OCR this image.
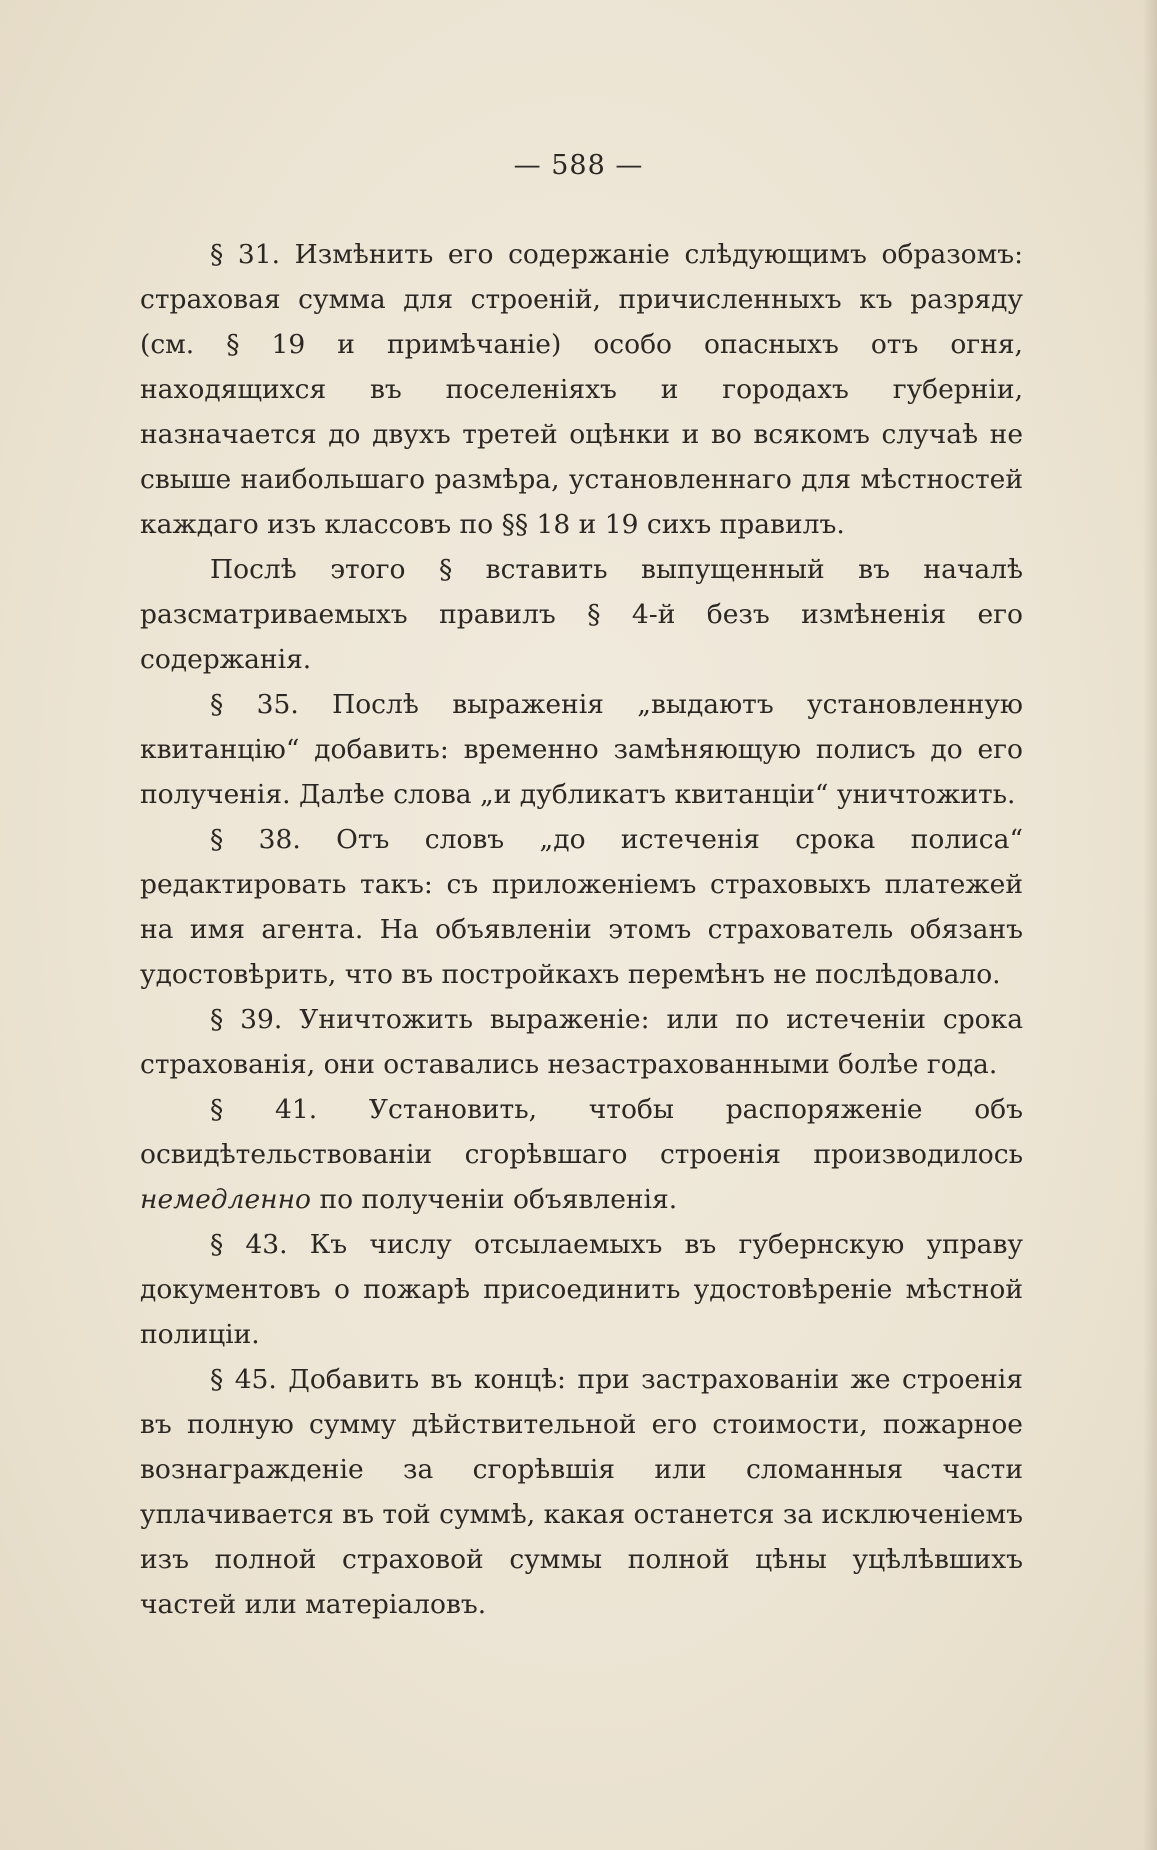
— 588 —

§ 31. Измѣнить его содержаніе слѣдующимъ образомъ: страховая сумма для строеній, причисленныхъ къ разряду (см. § 19 и примѣчаніе) особо опасныхъ отъ огня, находящихся въ поселеніяхъ и городахъ губерніи, назначается до двухъ третей оцѣнки и во всякомъ случаѣ не свыше наибольшаго размѣра, установленнаго для мѣстностей каждаго изъ классовъ по §§ 18 и 19 сихъ правилъ.

Послѣ этого § вставить выпущенный въ началѣ разсматриваемыхъ правилъ § 4-й безъ измѣненія его содержанія.

§ 35. Послѣ выраженія „выдаютъ установленную квитанцію“ добавить: временно замѣняющую полисъ до его полученія. Далѣе слова „и дубликатъ квитанціи“ уничтожить.

§ 38. Отъ словъ „до истеченія срока полиса“ редактировать такъ: съ приложеніемъ страховыхъ платежей на имя агента. На объявленіи этомъ страхователь обязанъ удостовѣрить, что въ постройкахъ перемѣнъ не послѣдовало.

§ 39. Уничтожить выраженіе: или по истеченіи срока страхованія, они оставались незастрахованными болѣе года.

§ 41. Установить, чтобы распоряженіе объ освидѣтельствованіи сгорѣвшаго строенія производилось немедленно по полученіи объявленія.

§ 43. Къ числу отсылаемыхъ въ губернскую управу документовъ о пожарѣ присоединить удостовѣреніе мѣстной полиціи.

§ 45. Добавить въ концѣ: при застрахованіи же строенія въ полную сумму дѣйствительной его стоимости, пожарное вознагражденіе за сгорѣвшія или сломанныя части уплачивается въ той суммѣ, какая останется за исключеніемъ изъ полной страховой суммы полной цѣны уцѣлѣвшихъ частей или матеріаловъ.
